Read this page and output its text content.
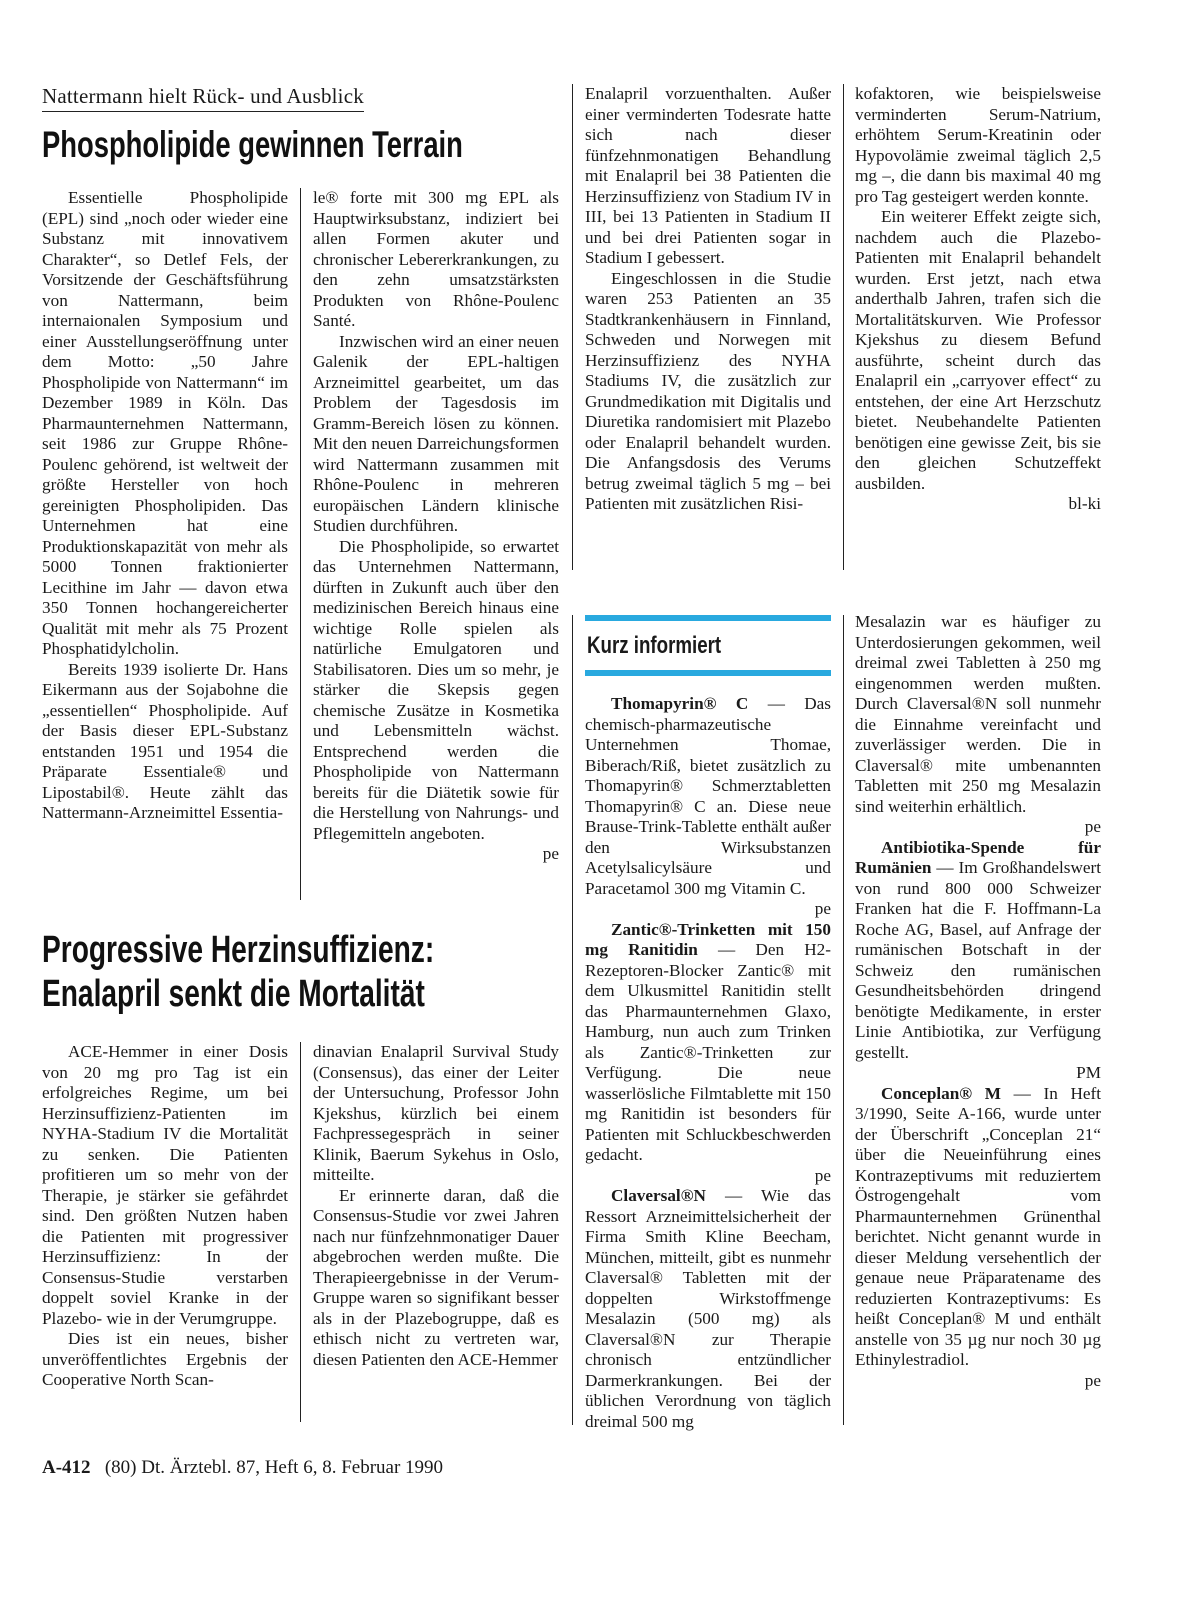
Nattermann hielt Rück- und Ausblick
Phospholipide gewinnen Terrain

Essentielle Phospholipide (EPL) sind „noch oder wieder eine Substanz mit innovativem Charakter“, so Detlef Fels, der Vorsitzende der Geschäftsführung von Nattermann, beim internaionalen Symposium und einer Ausstellungseröffnung unter dem Motto: „50 Jahre Phospholipide von Nattermann“ im Dezember 1989 in Köln. Das Pharmaunternehmen Nattermann, seit 1986 zur Gruppe Rhône-Poulenc gehörend, ist weltweit der größte Hersteller von hoch gereinigten Phospholipiden. Das Unternehmen hat eine Produktionskapazität von mehr als 5000 Tonnen fraktionierter Lecithine im Jahr — davon etwa 350 Tonnen hochangereicherter Qualität mit mehr als 75 Prozent Phosphatidylcholin.

Bereits 1939 isolierte Dr. Hans Eikermann aus der Sojabohne die „essentiellen“ Phospholipide. Auf der Basis dieser EPL-Substanz entstanden 1951 und 1954 die Präparate Essentiale® und Lipostabil®. Heute zählt das Nattermann-Arzneimittel Essentia-

le® forte mit 300 mg EPL als Hauptwirksubstanz, indiziert bei allen Formen akuter und chronischer Lebererkrankungen, zu den zehn umsatzstärksten Produkten von Rhône-Poulenc Santé.

Inzwischen wird an einer neuen Galenik der EPL-haltigen Arzneimittel gearbeitet, um das Problem der Tagesdosis im Gramm-Bereich lösen zu können. Mit den neuen Darreichungsformen wird Nattermann zusammen mit Rhône-Poulenc in mehreren europäischen Ländern klinische Studien durchführen.

Die Phospholipide, so erwartet das Unternehmen Nattermann, dürften in Zukunft auch über den medizinischen Bereich hinaus eine wichtige Rolle spielen als natürliche Emulgatoren und Stabilisatoren. Dies um so mehr, je stärker die Skepsis gegen chemische Zusätze in Kosmetika und Lebensmitteln wächst. Entsprechend werden die Phospholipide von Nattermann bereits für die Diätetik sowie für die Herstellung von Nahrungs- und Pflegemitteln angeboten.

pe
Progressive Herzinsuffizienz:
Enalapril senkt die Mortalität

ACE-Hemmer in einer Dosis von 20 mg pro Tag ist ein erfolgreiches Regime, um bei Herzinsuffizienz-Patienten im NYHA-Stadium IV die Mortalität zu senken. Die Patienten profitieren um so mehr von der Therapie, je stärker sie gefährdet sind. Den größten Nutzen haben die Patienten mit progressiver Herzinsuffizienz: In der Consensus-Studie verstarben doppelt soviel Kranke in der Plazebo- wie in der Verumgruppe.

Dies ist ein neues, bisher unveröffentlichtes Ergebnis der Cooperative North Scan-

dinavian Enalapril Survival Study (Consensus), das einer der Leiter der Untersuchung, Professor John Kjekshus, kürzlich bei einem Fachpressegespräch in seiner Klinik, Baerum Sykehus in Oslo, mitteilte.

Er erinnerte daran, daß die Consensus-Studie vor zwei Jahren nach nur fünfzehnmonatiger Dauer abgebrochen werden mußte. Die Therapieergebnisse in der Verum-Gruppe waren so signifikant besser als in der Plazebogruppe, daß es ethisch nicht zu vertreten war, diesen Patienten den ACE-Hemmer

Enalapril vorzuenthalten. Außer einer verminderten Todesrate hatte sich nach dieser fünfzehnmonatigen Behandlung mit Enalapril bei 38 Patienten die Herzinsuffizienz von Stadium IV in III, bei 13 Patienten in Stadium II und bei drei Patienten sogar in Stadium I gebessert.

Eingeschlossen in die Studie waren 253 Patienten an 35 Stadtkrankenhäusern in Finnland, Schweden und Norwegen mit Herzinsuffizienz des NYHA Stadiums IV, die zusätzlich zur Grundmedikation mit Digitalis und Diuretika randomisiert mit Plazebo oder Enalapril behandelt wurden. Die Anfangsdosis des Verums betrug zweimal täglich 5 mg – bei Patienten mit zusätzlichen Risi-

kofaktoren, wie beispielsweise verminderten Serum-Natrium, erhöhtem Serum-Kreatinin oder Hypovolämie zweimal täglich 2,5 mg –, die dann bis maximal 40 mg pro Tag gesteigert werden konnte.

Ein weiterer Effekt zeigte sich, nachdem auch die Plazebo-Patienten mit Enalapril behandelt wurden. Erst jetzt, nach etwa anderthalb Jahren, trafen sich die Mortalitätskurven. Wie Professor Kjekshus zu diesem Befund ausführte, scheint durch das Enalapril ein „carryover effect“ zu entstehen, der eine Art Herzschutz bietet. Neubehandelte Patienten benötigen eine gewisse Zeit, bis sie den gleichen Schutzeffekt ausbilden.

bl-ki
Kurz informiert

Thomapyrin® C — Das chemisch-pharmazeutische Unternehmen Thomae, Biberach/Riß, bietet zusätzlich zu Thomapyrin® Schmerztabletten Thomapyrin® C an. Diese neue Brause-Trink-Tablette enthält außer den Wirksubstanzen Acetylsalicylsäure und Paracetamol 300 mg Vitamin C.
pe

Zantic®-Trinketten mit 150 mg Ranitidin — Den H2-Rezeptoren-Blocker Zantic® mit dem Ulkusmittel Ranitidin stellt das Pharmaunternehmen Glaxo, Hamburg, nun auch zum Trinken als Zantic®-Trinketten zur Verfügung. Die neue wasserlösliche Filmtablette mit 150 mg Ranitidin ist besonders für Patienten mit Schluckbeschwerden gedacht.
pe

Claversal®N — Wie das Ressort Arzneimittelsicherheit der Firma Smith Kline Beecham, München, mitteilt, gibt es nunmehr Claversal® Tabletten mit der doppelten Wirkstoffmenge Mesalazin (500 mg) als Claversal®N zur Therapie chronisch entzündlicher Darmerkrankungen. Bei der üblichen Verordnung von täglich dreimal 500 mg

Mesalazin war es häufiger zu Unterdosierungen gekommen, weil dreimal zwei Tabletten à 250 mg eingenommen werden mußten. Durch Claversal®N soll nunmehr die Einnahme vereinfacht und zuverlässiger werden. Die in Claversal® mite umbenannten Tabletten mit 250 mg Mesalazin sind weiterhin erhältlich.
pe

Antibiotika-Spende für Rumänien — Im Großhandelswert von rund 800 000 Schweizer Franken hat die F. Hoffmann-La Roche AG, Basel, auf Anfrage der rumänischen Botschaft in der Schweiz den rumänischen Gesundheitsbehörden dringend benötigte Medikamente, in erster Linie Antibiotika, zur Verfügung gestellt.
PM

Conceplan® M — In Heft 3/1990, Seite A-166, wurde unter der Überschrift „Conceplan 21“ über die Neueinführung eines Kontrazeptivums mit reduziertem Östrogengehalt vom Pharmaunternehmen Grünenthal berichtet. Nicht genannt wurde in dieser Meldung versehentlich der genaue neue Präparatename des reduzierten Kontrazeptivums: Es heißt Conceplan® M und enthält anstelle von 35 µg nur noch 30 µg Ethinylestradiol.
pe

A-412 (80) Dt. Ärztebl. 87, Heft 6, 8. Februar 1990
